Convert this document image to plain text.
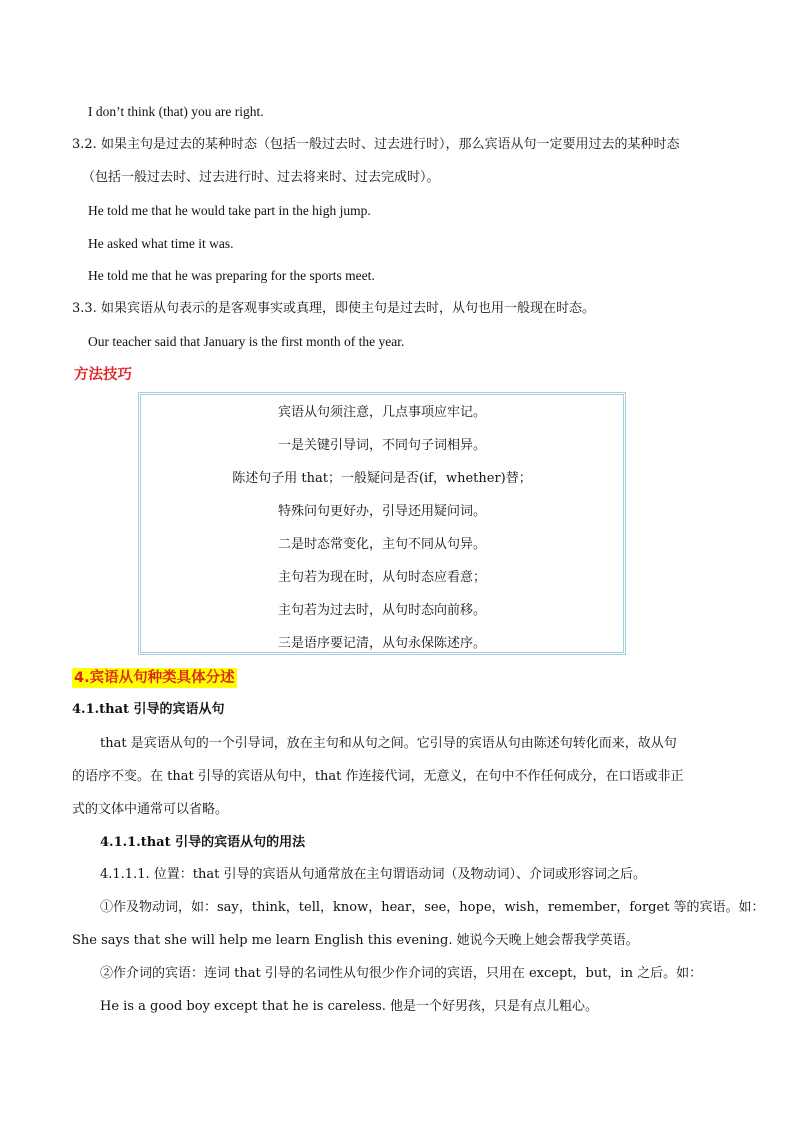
I don’t think (that) you are right.

3.2. 如果主句是过去的某种时态（包括一般过去时、过去进行时），那么宾语从句一定要用过去的某种时态

（包括一般过去时、过去进行时、过去将来时、过去完成时）。

He told me that he would take part in the high jump.

He asked what time it was.

He told me that he was preparing for the sports meet.

3.3. 如果宾语从句表示的是客观事实或真理，即使主句是过去时，从句也用一般现在时态。

Our teacher said that January is the first month of the year.

方法技巧

宾语从句须注意，几点事项应牢记。
一是关键引导词，不同句子词相异。
陈述句子用 that；一般疑问是否(if，whether)替；
特殊问句更好办，引导还用疑问词。
二是时态常变化，主句不同从句异。
主句若为现在时，从句时态应看意；
主句若为过去时，从句时态向前移。
三是语序要记清，从句永保陈述序。

4.宾语从句种类具体分述

4.1.that 引导的宾语从句

that 是宾语从句的一个引导词，放在主句和从句之间。它引导的宾语从句由陈述句转化而来，故从句

的语序不变。在 that 引导的宾语从句中，that 作连接代词，无意义，在句中不作任何成分，在口语或非正

式的文体中通常可以省略。

4.1.1.that 引导的宾语从句的用法

4.1.1.1. 位置：that 引导的宾语从句通常放在主句谓语动词（及物动词）、介词或形容词之后。

①作及物动词，如：say，think，tell，know，hear，see，hope，wish，remember，forget 等的宾语。如：

She says that she will help me learn English this evening. 她说今天晚上她会帮我学英语。

②作介词的宾语：连词 that 引导的名词性从句很少作介词的宾语，只用在 except，but，in 之后。如：

He is a good boy except that he is careless. 他是一个好男孩，只是有点儿粗心。
